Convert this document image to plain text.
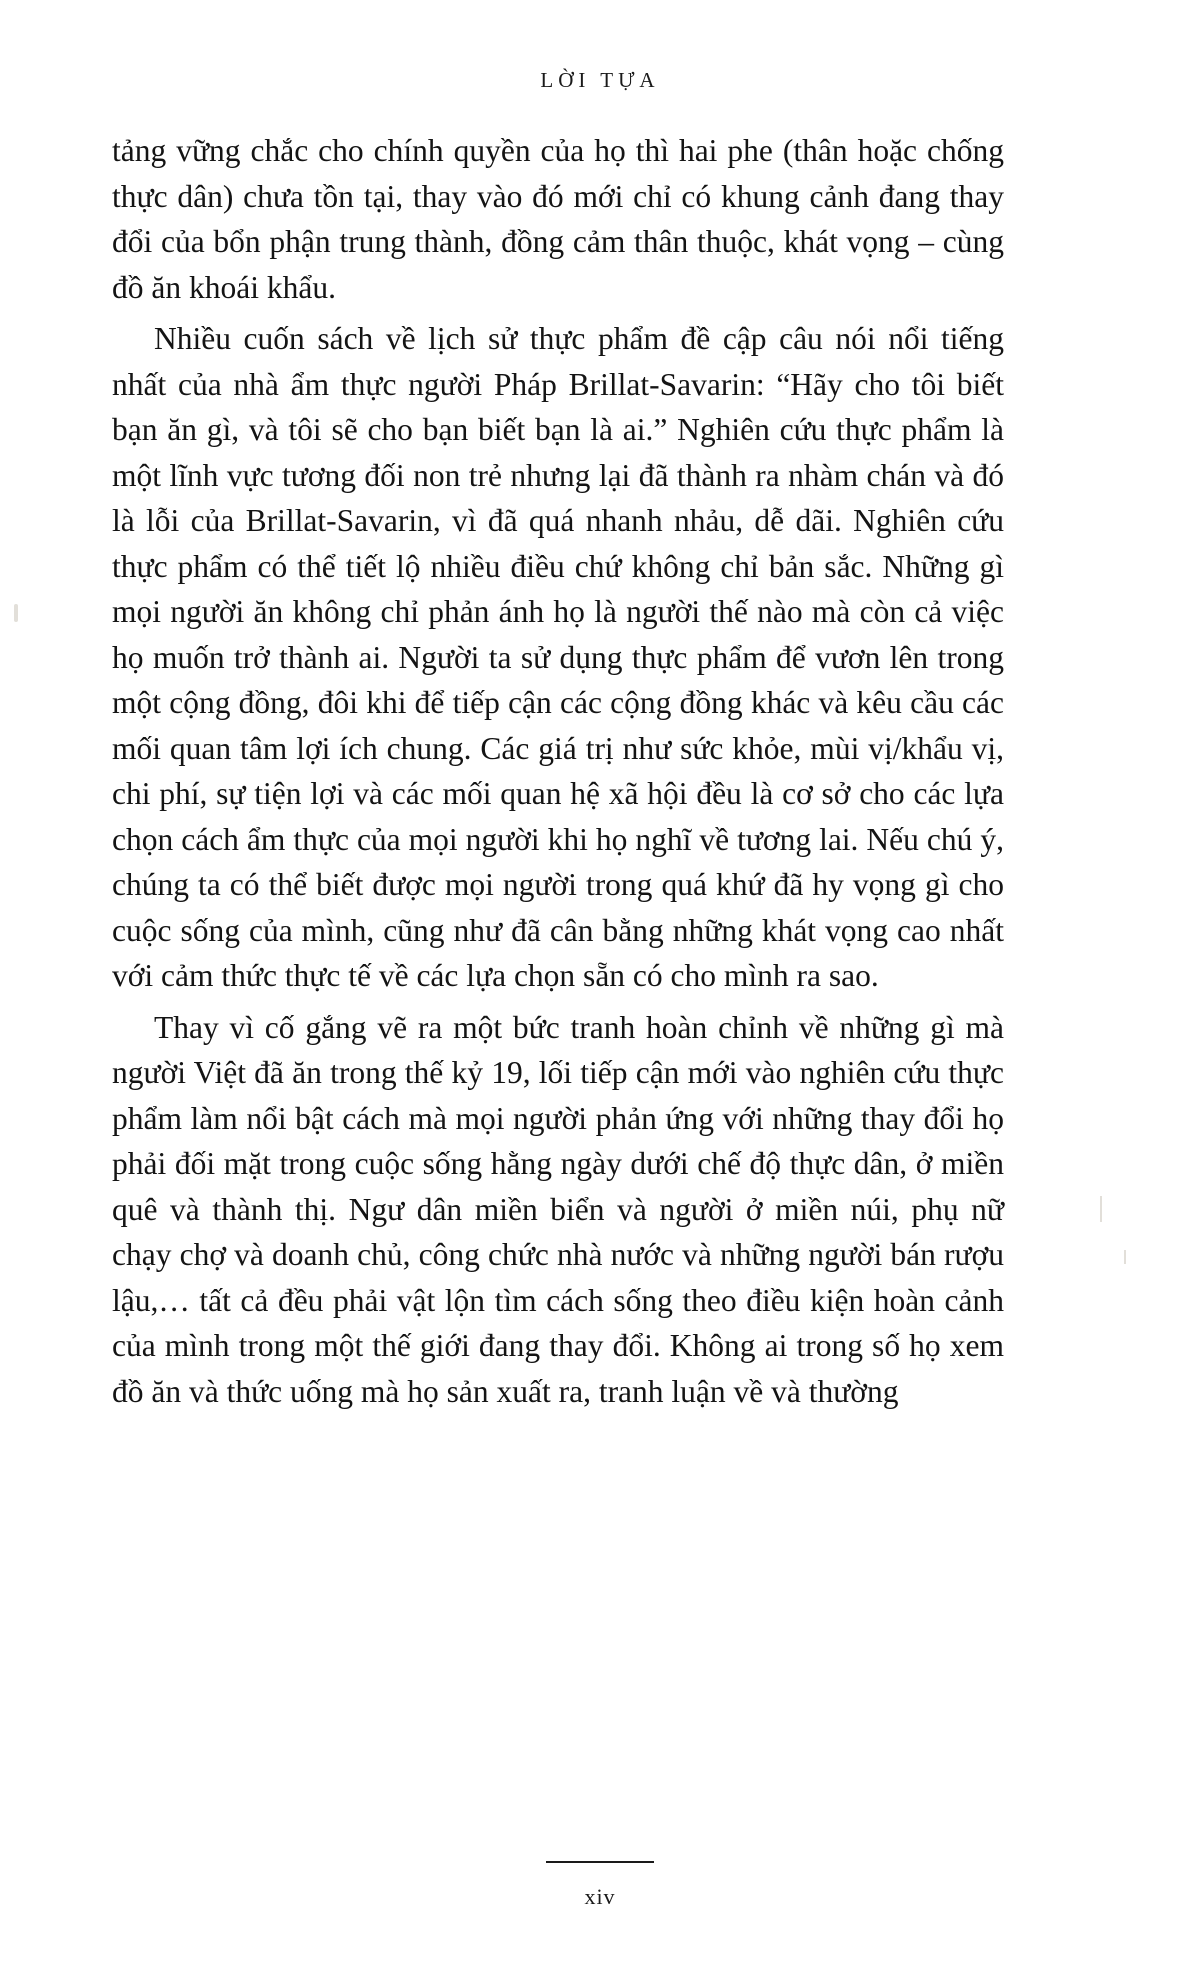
LỜI TỰA

tảng vững chắc cho chính quyền của họ thì hai phe (thân hoặc chống thực dân) chưa tồn tại, thay vào đó mới chỉ có khung cảnh đang thay đổi của bổn phận trung thành, đồng cảm thân thuộc, khát vọng – cùng đồ ăn khoái khẩu.

Nhiều cuốn sách về lịch sử thực phẩm đề cập câu nói nổi tiếng nhất của nhà ẩm thực người Pháp Brillat-Savarin: “Hãy cho tôi biết bạn ăn gì, và tôi sẽ cho bạn biết bạn là ai.” Nghiên cứu thực phẩm là một lĩnh vực tương đối non trẻ nhưng lại đã thành ra nhàm chán và đó là lỗi của Brillat-Savarin, vì đã quá nhanh nhảu, dễ dãi. Nghiên cứu thực phẩm có thể tiết lộ nhiều điều chứ không chỉ bản sắc. Những gì mọi người ăn không chỉ phản ánh họ là người thế nào mà còn cả việc họ muốn trở thành ai. Người ta sử dụng thực phẩm để vươn lên trong một cộng đồng, đôi khi để tiếp cận các cộng đồng khác và kêu cầu các mối quan tâm lợi ích chung. Các giá trị như sức khỏe, mùi vị/khẩu vị, chi phí, sự tiện lợi và các mối quan hệ xã hội đều là cơ sở cho các lựa chọn cách ẩm thực của mọi người khi họ nghĩ về tương lai. Nếu chú ý, chúng ta có thể biết được mọi người trong quá khứ đã hy vọng gì cho cuộc sống của mình, cũng như đã cân bằng những khát vọng cao nhất với cảm thức thực tế về các lựa chọn sẵn có cho mình ra sao.

Thay vì cố gắng vẽ ra một bức tranh hoàn chỉnh về những gì mà người Việt đã ăn trong thế kỷ 19, lối tiếp cận mới vào nghiên cứu thực phẩm làm nổi bật cách mà mọi người phản ứng với những thay đổi họ phải đối mặt trong cuộc sống hằng ngày dưới chế độ thực dân, ở miền quê và thành thị. Ngư dân miền biển và người ở miền núi, phụ nữ chạy chợ và doanh chủ, công chức nhà nước và những người bán rượu lậu,… tất cả đều phải vật lộn tìm cách sống theo điều kiện hoàn cảnh của mình trong một thế giới đang thay đổi. Không ai trong số họ xem đồ ăn và thức uống mà họ sản xuất ra, tranh luận về và thường

xiv
